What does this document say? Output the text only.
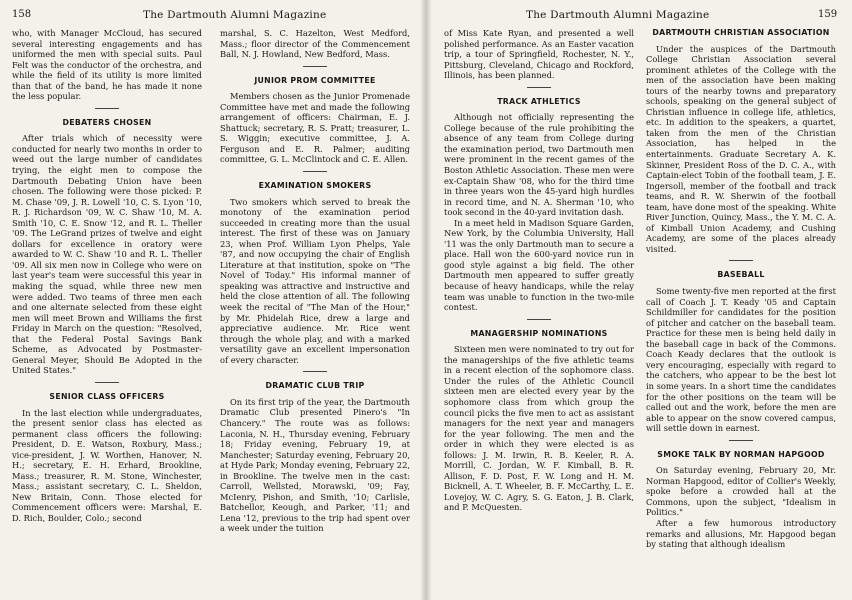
158	The Dartmouth Alumni Magazine

who, with Manager McCloud, has secured several interesting engagements and has uniformed the men with special suits. Paul Felt was the conductor of the orchestra, and while the field of its utility is more limited than that of the band, he has made it none the less popular.

DEBATERS CHOSEN

After trials which of necessity were conducted for nearly two months in order to weed out the large number of candidates trying, the eight men to compose the Dartmouth Debating Union have been chosen. The following were those picked: P. M. Chase '09, J. R. Lowell '10, C. S. Lyon '10, R. J. Richardson '09, W. C. Shaw '10, M. A. Smith '10, C. E. Snow '12, and R. L. Theller '09. The LeGrand prizes of twelve and eight dollars for excellence in oratory were awarded to W. C. Shaw '10 and R. L. Theller '09. All six men now in College who were on last year's team were successful this year in making the squad, while three new men were added. Two teams of three men each and one alternate selected from these eight men will meet Brown and Williams the first Friday in March on the question: "Resolved, that the Federal Postal Savings Bank Scheme, as Advocated by Postmaster-General Meyer, Should Be Adopted in the United States."

SENIOR CLASS OFFICERS

In the last election while undergraduates, the present senior class has elected as permanent class officers the following: President, D. E. Watson, Roxbury, Mass.; vice-president, J. W. Worthen, Hanover, N. H.; secretary, E. H. Erhard, Brookline, Mass.; treasurer, R. M. Stone, Winchester, Mass.; assistant secretary, C. L. Sheldon, New Britain, Conn. Those elected for Commencement officers were: Marshal, E. D. Rich, Boulder, Colo.; second

marshal, S. C. Hazelton, West Medford, Mass.; floor director of the Commencement Ball, N. J. Howland, New Bedford, Mass.

JUNIOR PROM COMMITTEE

Members chosen as the Junior Promenade Committee have met and made the following arrangement of officers: Chairman, E. J. Shattuck; secretary, R. S. Pratt; treasurer, L. S. Wiggin; executive committee, J. A. Ferguson and E. R. Palmer; auditing committee, G. L. McClintock and C. E. Allen.

EXAMINATION SMOKERS

Two smokers which served to break the monotony of the examination period succeeded in creating more than the usual interest. The first of these was on January 23, when Prof. William Lyon Phelps, Yale '87, and now occupying the chair of English Literature at that institution, spoke on "The Novel of Today." His informal manner of speaking was attractive and instructive and held the close attention of all. The following week the recital of "The Man of the Hour," by Mr. Phidelah Rice, drew a large and appreciative audience. Mr. Rice went through the whole play, and with a marked versatility gave an excellent impersonation of every character.

DRAMATIC CLUB TRIP

On its first trip of the year, the Dartmouth Dramatic Club presented Pinero's "In Chancery." The route was as follows: Laconia, N. H., Thursday evening, February 18; Friday evening, February 19, at Manchester; Saturday evening, February 20, at Hyde Park; Monday evening, February 22, in Brookline. The twelve men in the cast: Carroll, Wellsted, Morawski, '09; Fay, McIenry, Pishon, and Smith, '10; Carlisle, Batchellor, Keough, and Parker, '11; and Lena '12, previous to the trip had spent over a week under the tuition

The Dartmouth Alumni Magazine	159

of Miss Kate Ryan, and presented a well polished performance. As an Easter vacation trip, a tour of Springfield, Rochester, N. Y., Pittsburg, Cleveland, Chicago and Rockford, Illinois, has been planned.

TRACK ATHLETICS

Although not officially representing the College because of the rule prohibiting the absence of any team from College during the examination period, two Dartmouth men were prominent in the recent games of the Boston Athletic Association. These men were ex-Captain Shaw '08, who for the third time in three years won the 45-yard high hurdles in record time, and N. A. Sherman '10, who took second in the 40-yard invitation dash.

In a meet held in Madison Square Garden, New York, by the Columbia University, Hall '11 was the only Dartmouth man to secure a place. Hall won the 600-yard novice run in good style against a big field. The other Dartmouth men appeared to suffer greatly because of heavy handicaps, while the relay team was unable to function in the two-mile contest.

MANAGERSHIP NOMINATIONS

Sixteen men were nominated to try out for the managerships of the five athletic teams in a recent election of the sophomore class. Under the rules of the Athletic Council sixteen men are elected every year by the sophomore class from which group the council picks the five men to act as assistant managers for the next year and managers for the year following. The men and the order in which they were elected is as follows: J. M. Irwin, R. B. Keeler, R. A. Morrill, C. Jordan, W. F. Kimball, B. R. Allison, F. D. Post, F. W. Long and H. M. Bicknell, A. T. Wheeler, B. F. McCarthy, L. E. Lovejoy, W. C. Agry, S. G. Eaton, J. B. Clark, and P. McQuesten.

DARTMOUTH CHRISTIAN ASSOCIATION

Under the auspices of the Dartmouth College Christian Association several prominent athletes of the College with the men of the association have been making tours of the nearby towns and preparatory schools, speaking on the general subject of Christian influence in college life, athletics, etc. In addition to the speakers, a quartet, taken from the men of the Christian Association, has helped in the entertainments. Graduate Secretary A. K. Skinner, President Ross of the D. C. A., with Captain-elect Tobin of the football team, J. E. Ingersoll, member of the football and track teams, and R. W. Sherwin of the football team, have done most of the speaking. White River Junction, Quincy, Mass., the Y. M. C. A. of Kimball Union Academy, and Cushing Academy, are some of the places already visited.

BASEBALL

Some twenty-five men reported at the first call of Coach J. T. Keady '05 and Captain Schildmiller for candidates for the position of pitcher and catcher on the baseball team. Practice for these men is being held daily in the baseball cage in back of the Commons. Coach Keady declares that the outlook is very encouraging, especially with regard to the catchers, who appear to be the best lot in some years. In a short time the candidates for the other positions on the team will be called out and the work, before the men are able to appear on the snow covered campus, will settle down in earnest.

SMOKE TALK BY NORMAN HAPGOOD

On Saturday evening, February 20, Mr. Norman Hapgood, editor of Collier's Weekly, spoke before a crowded hall at the Commons, upon the subject, "Idealism in Politics."

After a few humorous introductory remarks and allusions, Mr. Hapgood began by stating that although idealism
